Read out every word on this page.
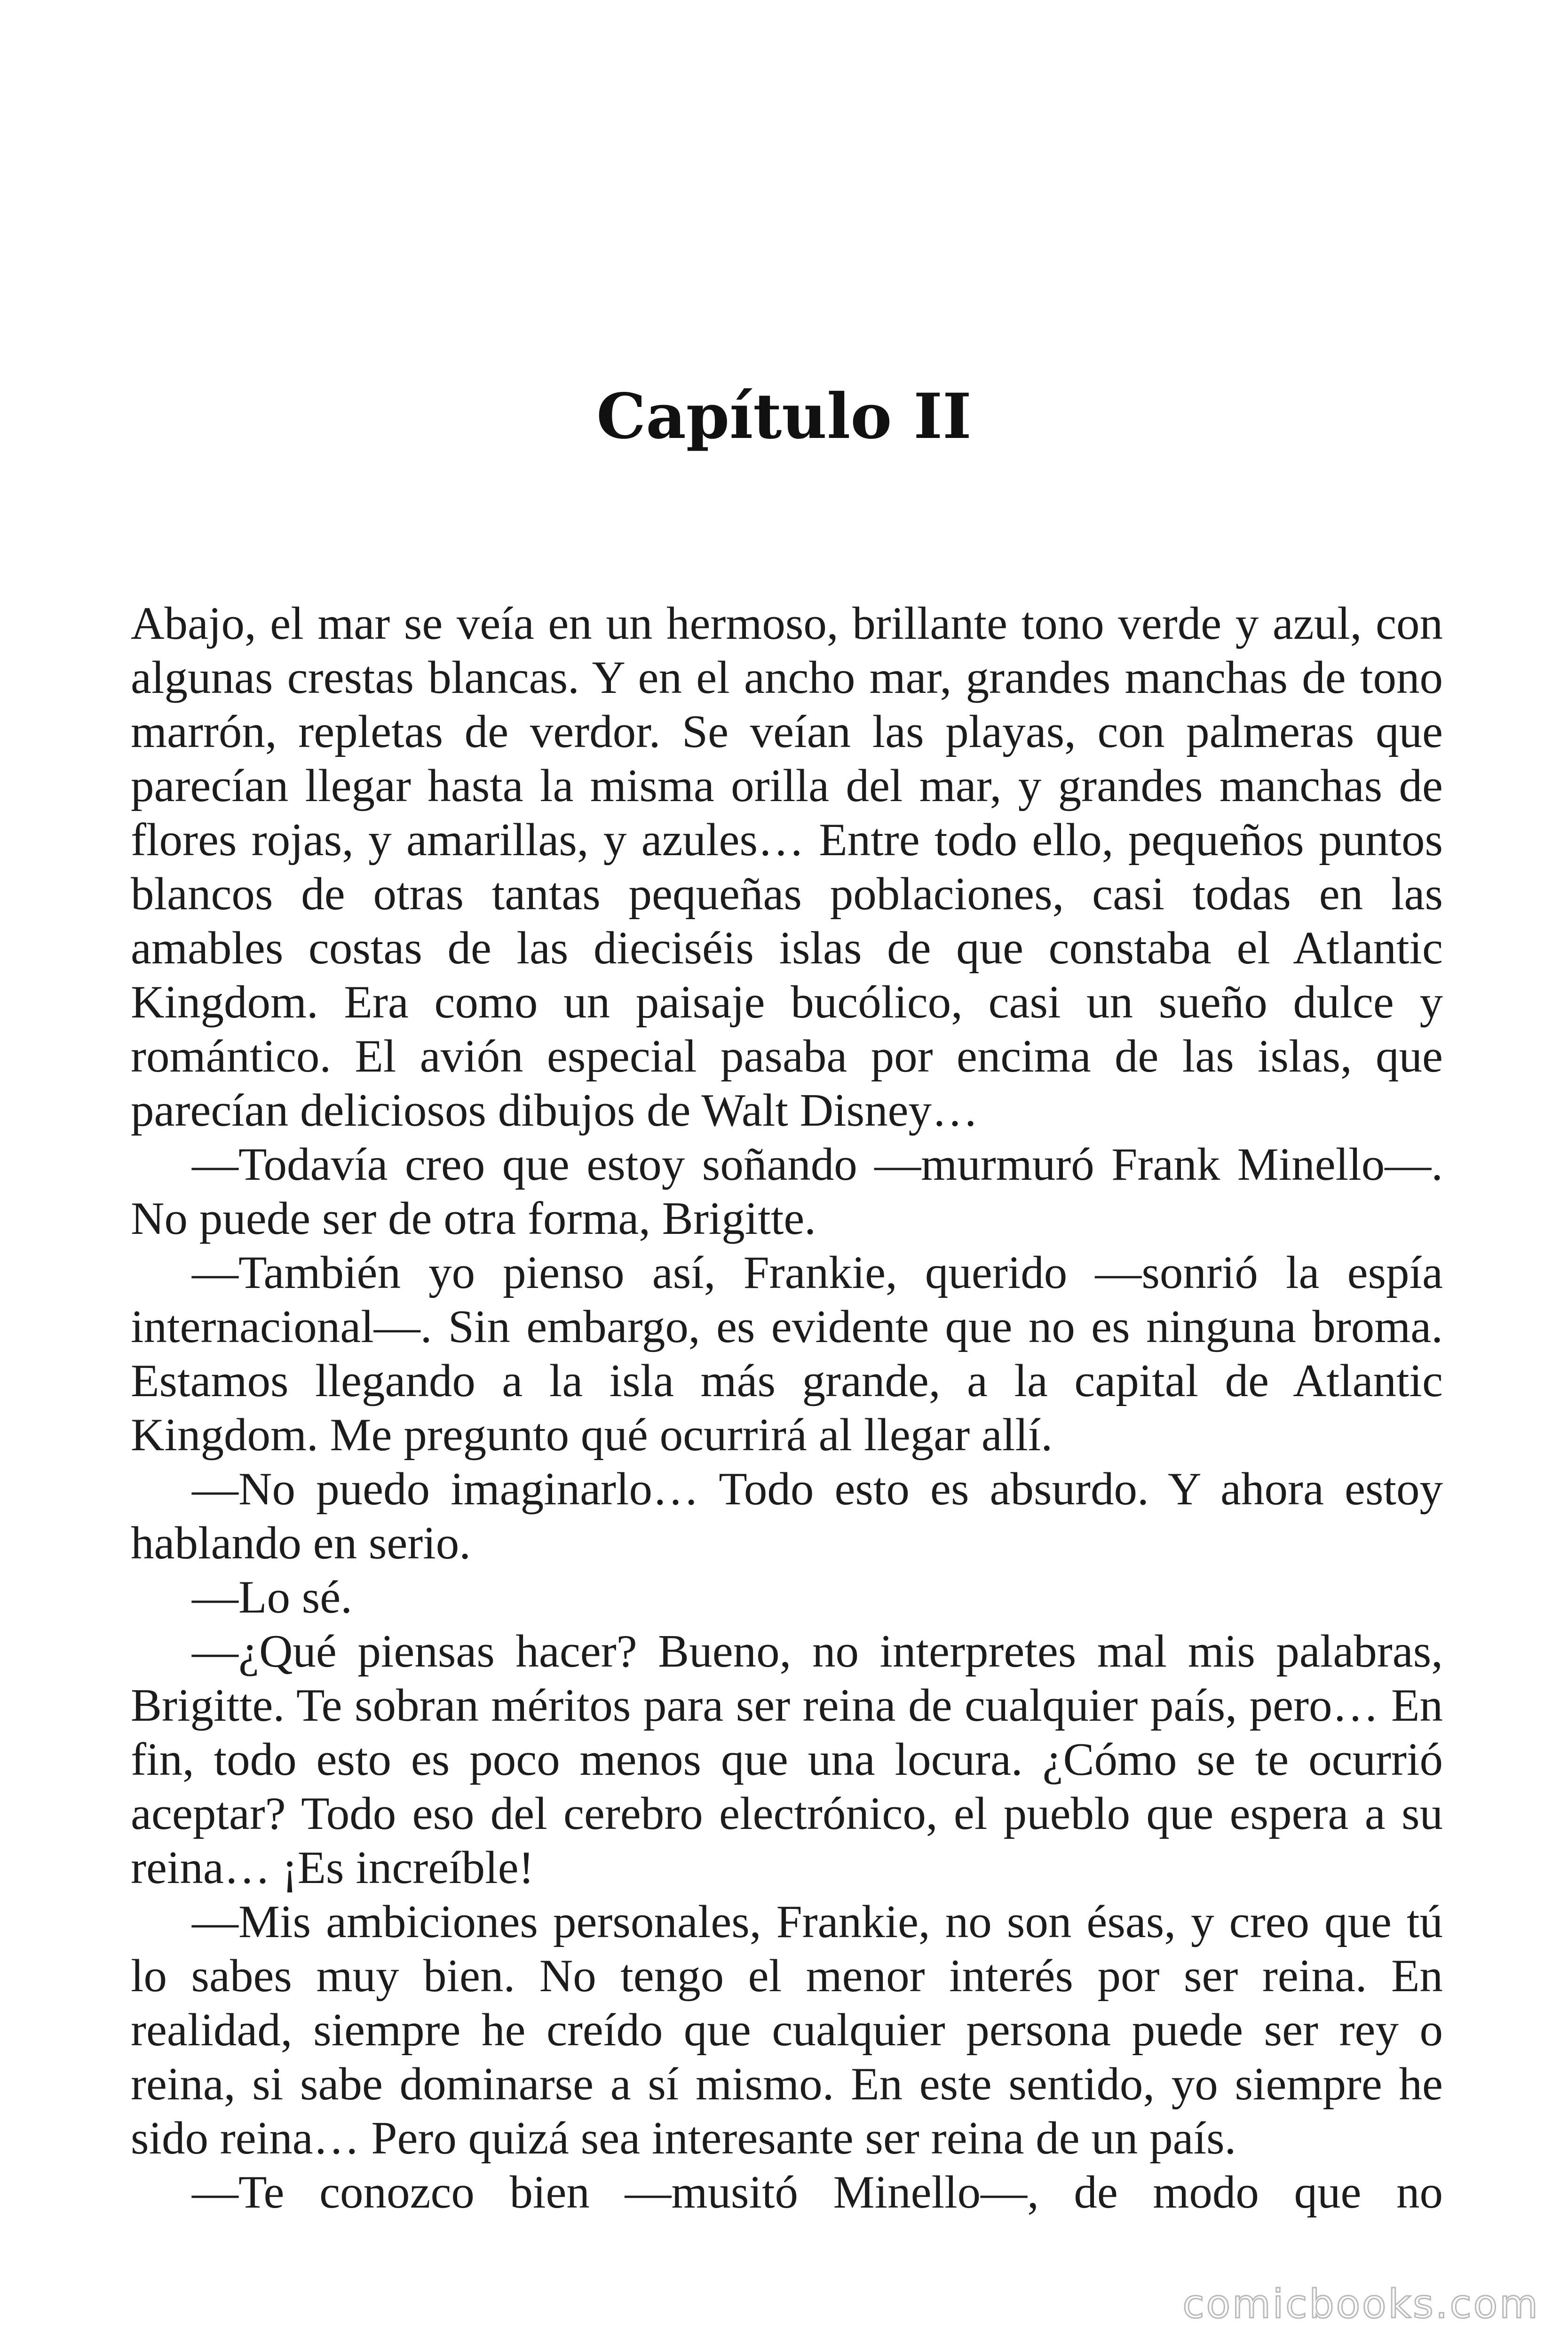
Capítulo II

Abajo, el mar se veía en un hermoso, brillante tono verde y azul, con algunas crestas blancas. Y en el ancho mar, grandes manchas de tono marrón, repletas de verdor. Se veían las playas, con palmeras que parecían llegar hasta la misma orilla del mar, y grandes manchas de flores rojas, y amarillas, y azules… Entre todo ello, pequeños puntos blancos de otras tantas pequeñas poblaciones, casi todas en las amables costas de las dieciséis islas de que constaba el Atlantic Kingdom. Era como un paisaje bucólico, casi un sueño dulce y romántico. El avión especial pasaba por encima de las islas, que parecían deliciosos dibujos de Walt Disney…

—Todavía creo que estoy soñando —murmuró Frank Minello—. No puede ser de otra forma, Brigitte.

—También yo pienso así, Frankie, querido —sonrió la espía internacional—. Sin embargo, es evidente que no es ninguna broma. Estamos llegando a la isla más grande, a la capital de Atlantic Kingdom. Me pregunto qué ocurrirá al llegar allí.

—No puedo imaginarlo… Todo esto es absurdo. Y ahora estoy hablando en serio.

—Lo sé.

—¿Qué piensas hacer? Bueno, no interpretes mal mis palabras, Brigitte. Te sobran méritos para ser reina de cualquier país, pero… En fin, todo esto es poco menos que una locura. ¿Cómo se te ocurrió aceptar? Todo eso del cerebro electrónico, el pueblo que espera a su reina… ¡Es increíble!

—Mis ambiciones personales, Frankie, no son ésas, y creo que tú lo sabes muy bien. No tengo el menor interés por ser reina. En realidad, siempre he creído que cualquier persona puede ser rey o reina, si sabe dominarse a sí mismo. En este sentido, yo siempre he sido reina… Pero quizá sea interesante ser reina de un país.

—Te conozco bien —musitó Minello—, de modo que no

comicbooks.com
